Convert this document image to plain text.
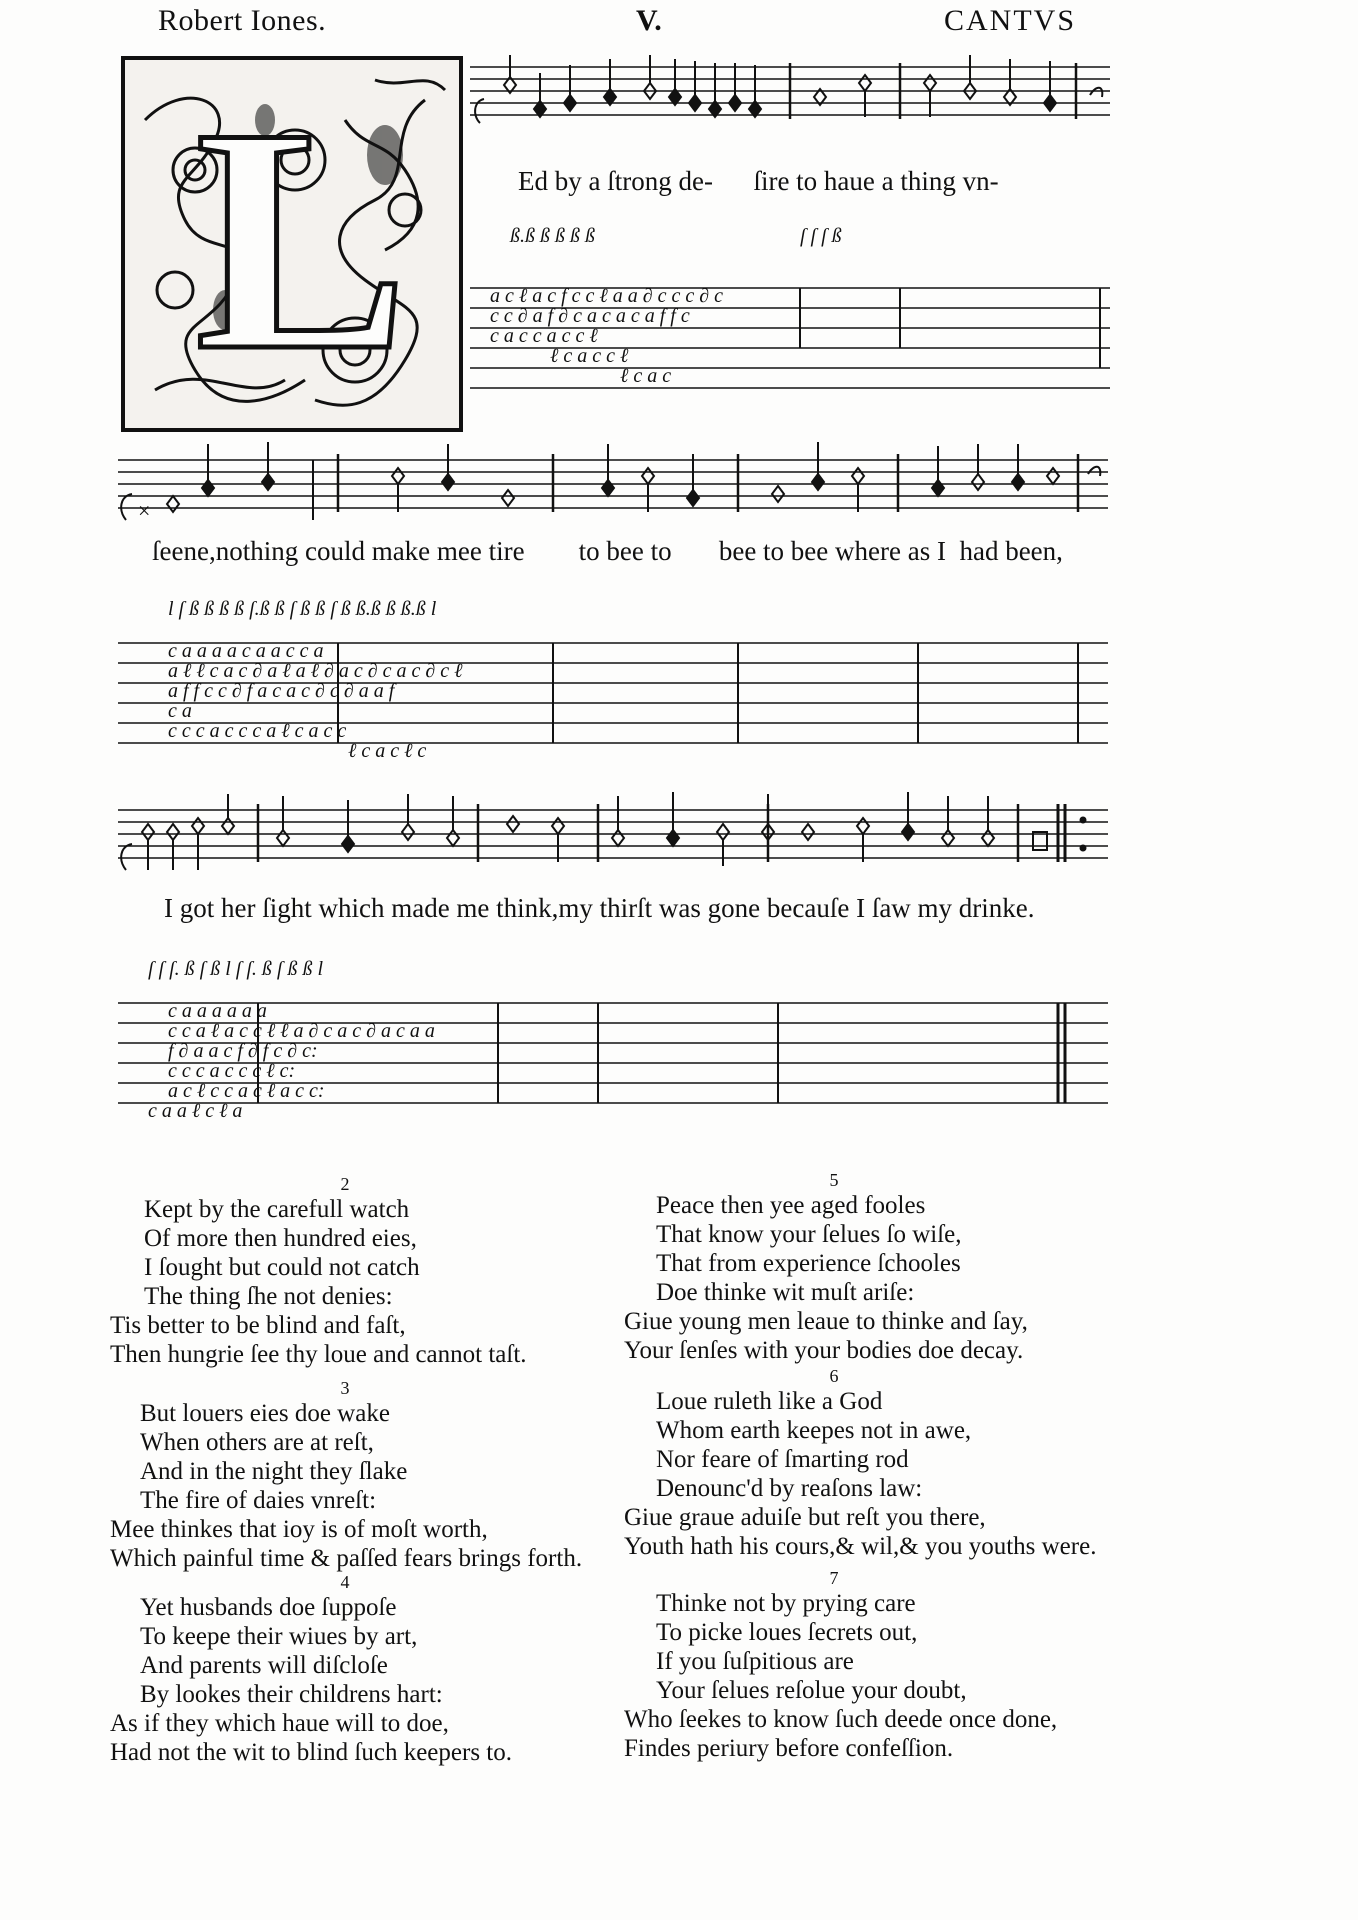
Robert Iones.	V.	CANTVS
L	Ed by a ſtrong de-      ſire to haue a thing vn-
ß.ß ß ß ß ß	ſ ſ ſ ß
a c ℓ a c f c c ℓ a a ∂ c c c ∂ c
c c ∂ a f ∂ c a c a c a f f c
c a c c a c c ℓ
ℓ c a c c ℓ
ℓ c a c
×
ſeene,nothing could make mee tire        to bee to       bee to bee where as I  had been,
l ſ ß ß ß ß ſ.ß ß ſ ß ß ſ ß ß.ß ß ß.ß l
c a a a a c a a c c a
a ℓ ℓ c a c ∂ a ℓ a ℓ ∂ a c ∂ c a c ∂ c ℓ
a f f c c ∂ f a c a c ∂ c ∂ a a f
c a
c c c a c c c a ℓ c a c c
ℓ c a c ℓ c
I got her ſight which made me think,my thirſt was gone becauſe I ſaw my drinke.
ſ ſ ſ. ß ſ ß l ſ ſ. ß ſ ß ß l
c a a a a a a
c c a ℓ a c c ℓ ℓ a ∂ c a c ∂ a c a a
f ∂ a a c f ∂ f c ∂ c:
c c c a c c c ℓ c:
a c ℓ c c a c ℓ a c c:
c a a ℓ c ℓ a
2
Kept by the carefull watch
Of more then hundred eies,
I ſought but could not catch
The thing ſhe not denies:
Tis better to be blind and faſt,
Then hungrie ſee thy loue and cannot taſt.
3
But louers eies doe wake
When others are at reſt,
And in the night they ſlake
The fire of daies vnreſt:
Mee thinkes that ioy is of moſt worth,
Which painful time & paſſed fears brings forth.
4
Yet husbands doe ſuppoſe
To keepe their wiues by art,
And parents will diſcloſe
By lookes their childrens hart:
As if they which haue will to doe,
Had not the wit to blind ſuch keepers to.
5
Peace then yee aged fooles
That know your ſelues ſo wiſe,
That from experience ſchooles
Doe thinke wit muſt ariſe:
Giue young men leaue to thinke and ſay,
Your ſenſes with your bodies doe decay.
6
Loue ruleth like a God
Whom earth keepes not in awe,
Nor feare of ſmarting rod
Denounc'd by reaſons law:
Giue graue aduiſe but reſt you there,
Youth hath his cours,& wil,& you youths were.
7
Thinke not by prying care
To picke loues ſecrets out,
If you ſuſpitious are
Your ſelues reſolue your doubt,
Who ſeekes to know ſuch deede once done,
Findes periury before confeſſion.
